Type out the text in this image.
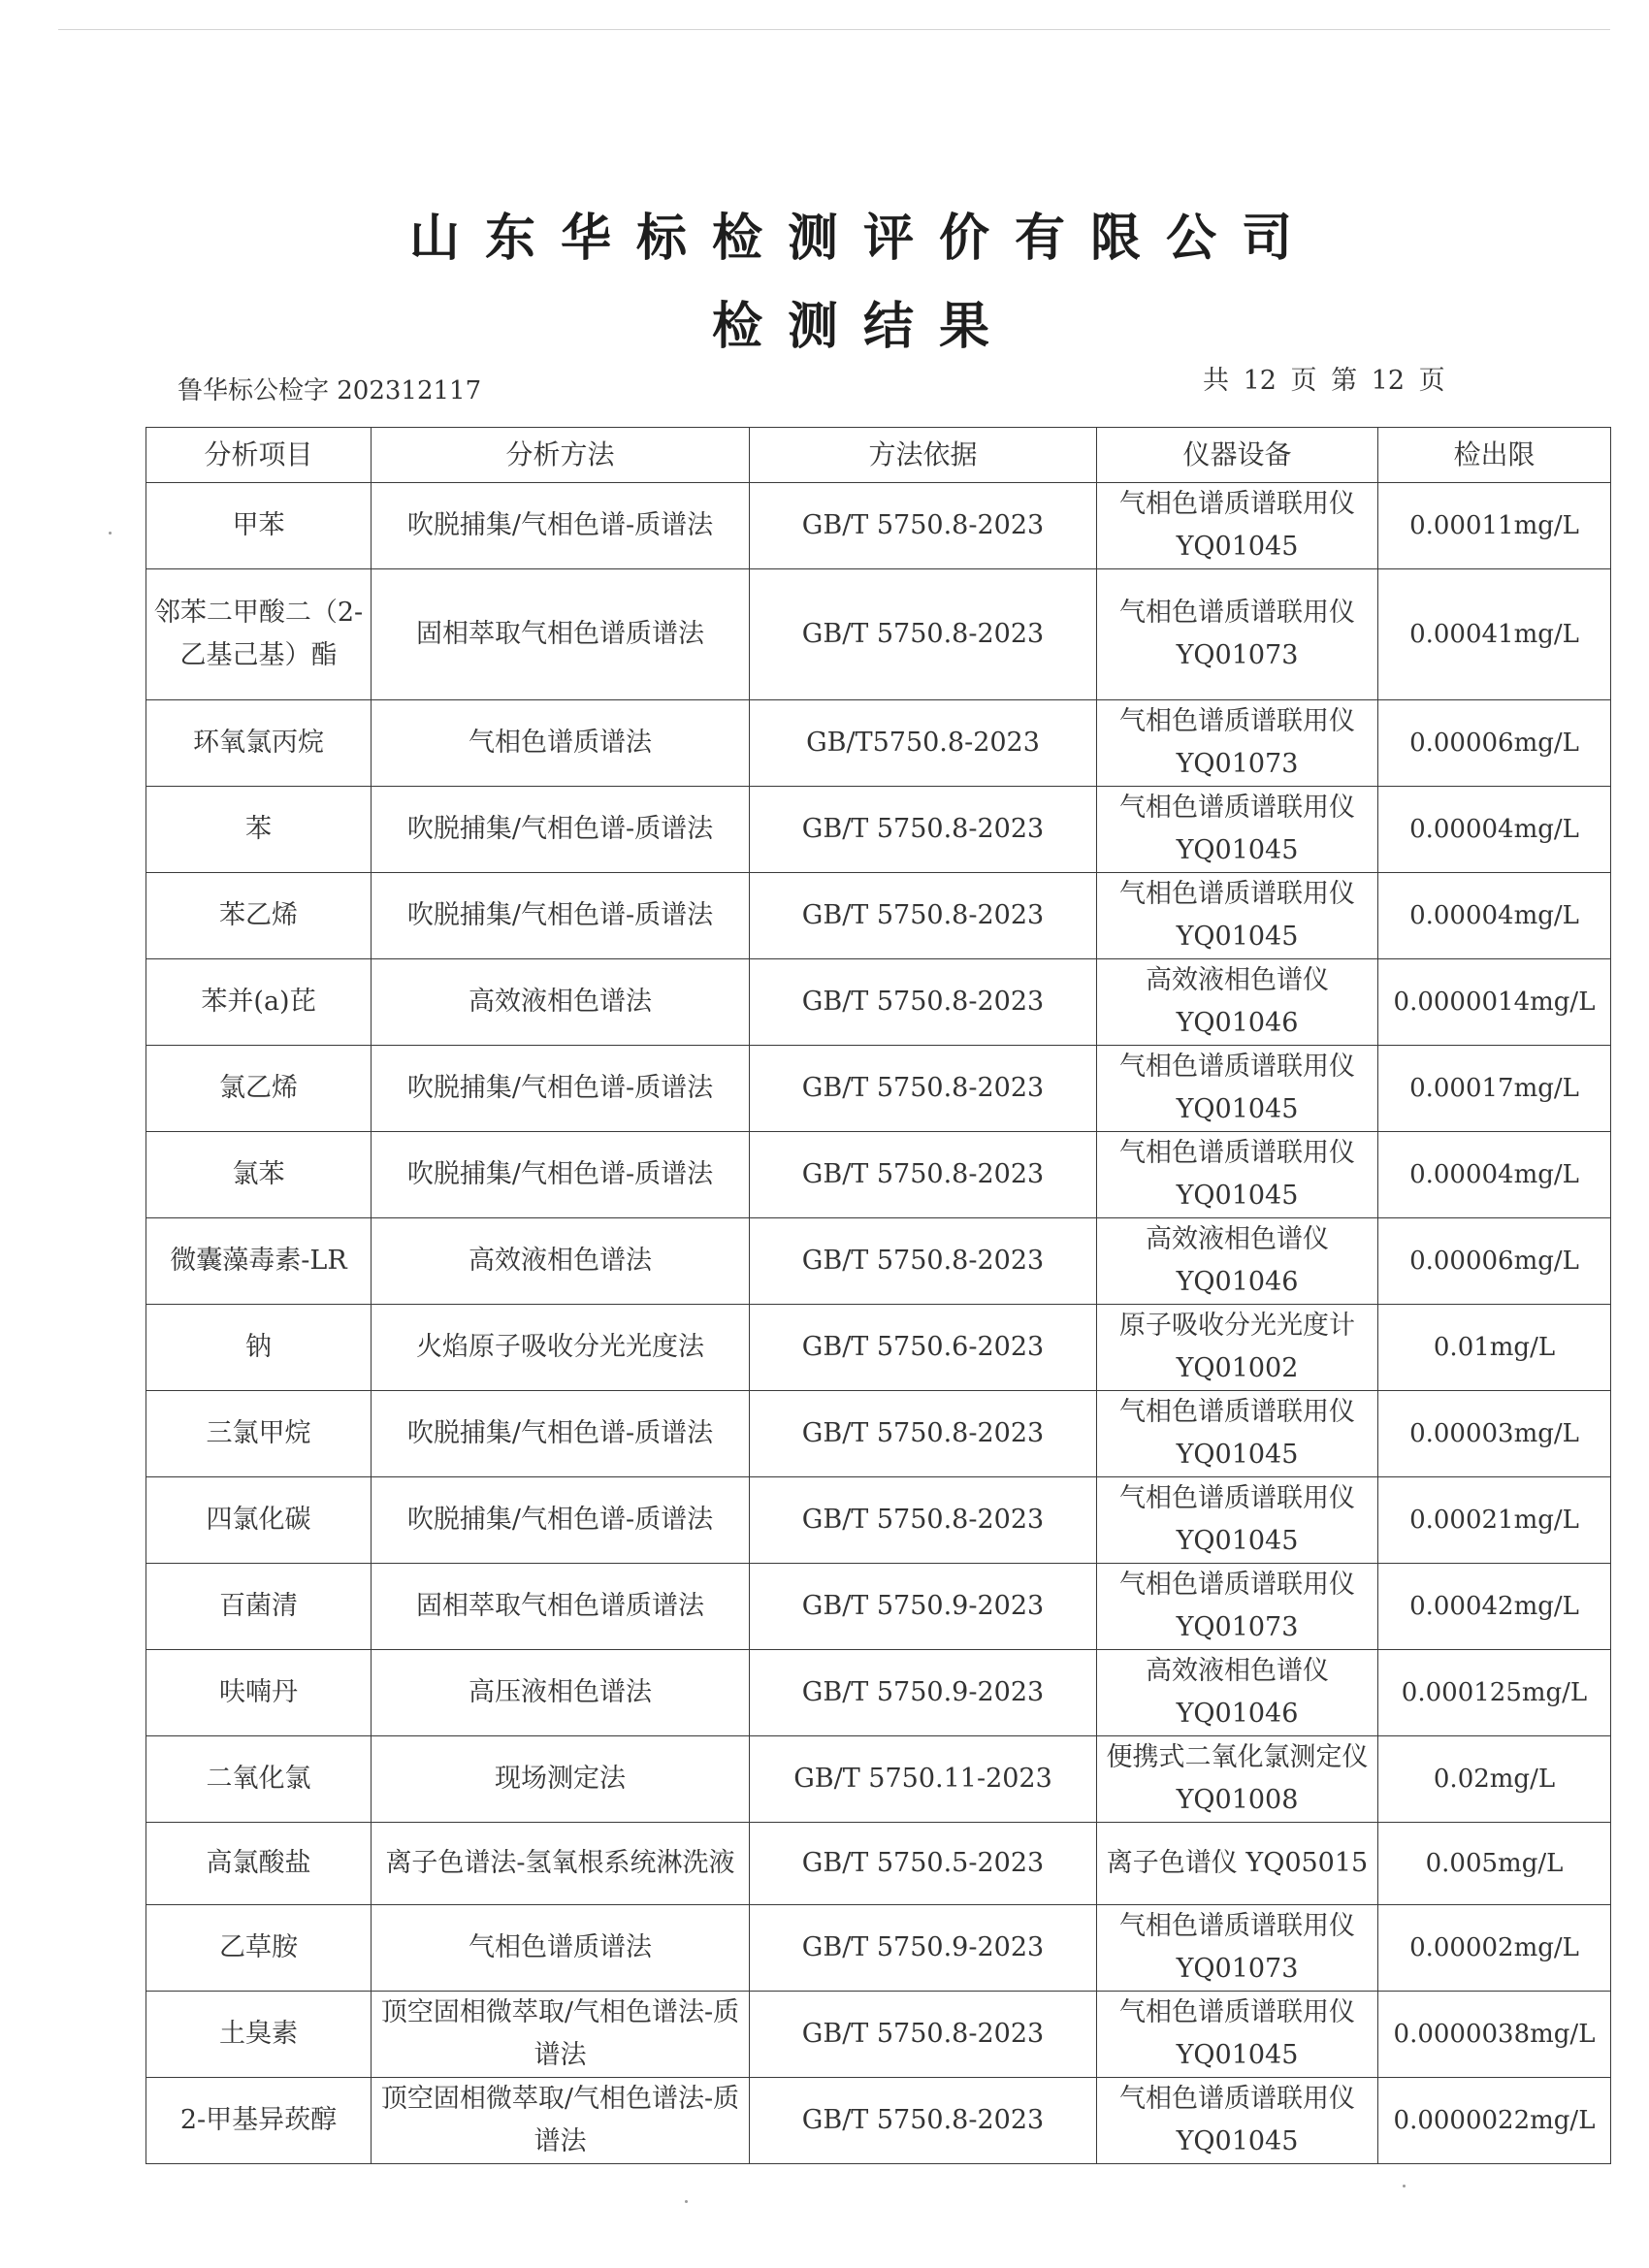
山东华标检测评价有限公司
检测结果
鲁华标公检字 202312117	共 12 页 第 12 页
分析项目	分析方法	方法依据	仪器设备	检出限
甲苯	吹脱捕集/气相色谱-质谱法	GB/T 5750.8-2023	气相色谱质谱联用仪 YQ01045	0.00011mg/L
邻苯二甲酸二（2-乙基己基）酯	固相萃取气相色谱质谱法	GB/T 5750.8-2023	气相色谱质谱联用仪 YQ01073	0.00041mg/L
环氧氯丙烷	气相色谱质谱法	GB/T5750.8-2023	气相色谱质谱联用仪 YQ01073	0.00006mg/L
苯	吹脱捕集/气相色谱-质谱法	GB/T 5750.8-2023	气相色谱质谱联用仪 YQ01045	0.00004mg/L
苯乙烯	吹脱捕集/气相色谱-质谱法	GB/T 5750.8-2023	气相色谱质谱联用仪 YQ01045	0.00004mg/L
苯并(a)芘	高效液相色谱法	GB/T 5750.8-2023	高效液相色谱仪 YQ01046	0.0000014mg/L
氯乙烯	吹脱捕集/气相色谱-质谱法	GB/T 5750.8-2023	气相色谱质谱联用仪 YQ01045	0.00017mg/L
氯苯	吹脱捕集/气相色谱-质谱法	GB/T 5750.8-2023	气相色谱质谱联用仪 YQ01045	0.00004mg/L
微囊藻毒素-LR	高效液相色谱法	GB/T 5750.8-2023	高效液相色谱仪 YQ01046	0.00006mg/L
钠	火焰原子吸收分光光度法	GB/T 5750.6-2023	原子吸收分光光度计 YQ01002	0.01mg/L
三氯甲烷	吹脱捕集/气相色谱-质谱法	GB/T 5750.8-2023	气相色谱质谱联用仪 YQ01045	0.00003mg/L
四氯化碳	吹脱捕集/气相色谱-质谱法	GB/T 5750.8-2023	气相色谱质谱联用仪 YQ01045	0.00021mg/L
百菌清	固相萃取气相色谱质谱法	GB/T 5750.9-2023	气相色谱质谱联用仪 YQ01073	0.00042mg/L
呋喃丹	高压液相色谱法	GB/T 5750.9-2023	高效液相色谱仪 YQ01046	0.000125mg/L
二氧化氯	现场测定法	GB/T 5750.11-2023	便携式二氧化氯测定仪 YQ01008	0.02mg/L
高氯酸盐	离子色谱法-氢氧根系统淋洗液	GB/T 5750.5-2023	离子色谱仪 YQ05015	0.005mg/L
乙草胺	气相色谱质谱法	GB/T 5750.9-2023	气相色谱质谱联用仪 YQ01073	0.00002mg/L
土臭素	顶空固相微萃取/气相色谱法-质谱法	GB/T 5750.8-2023	气相色谱质谱联用仪 YQ01045	0.0000038mg/L
2-甲基异莰醇	顶空固相微萃取/气相色谱法-质谱法	GB/T 5750.8-2023	气相色谱质谱联用仪 YQ01045	0.0000022mg/L
